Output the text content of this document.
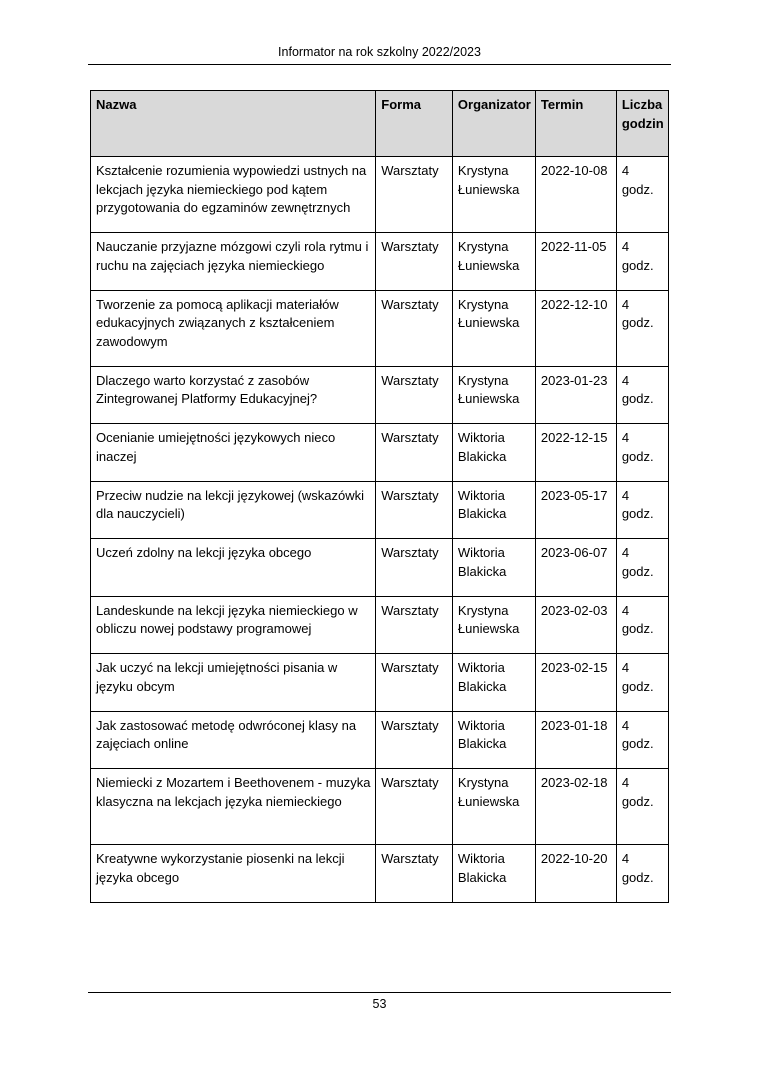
Informator na rok szkolny 2022/2023
Nazwa	Forma	Organizator	Termin	Liczba godzin
Kształcenie rozumienia wypowiedzi ustnych na lekcjach języka niemieckiego pod kątem przygotowania do egzaminów zewnętrznych	Warsztaty	Krystyna Łuniewska	2022-10-08	4 godz.
Nauczanie przyjazne mózgowi czyli rola rytmu i ruchu na zajęciach języka niemieckiego	Warsztaty	Krystyna Łuniewska	2022-11-05	4 godz.
Tworzenie za pomocą aplikacji materiałów edukacyjnych związanych z kształceniem zawodowym	Warsztaty	Krystyna Łuniewska	2022-12-10	4 godz.
Dlaczego warto korzystać z zasobów Zintegrowanej Platformy Edukacyjnej?	Warsztaty	Krystyna Łuniewska	2023-01-23	4 godz.
Ocenianie umiejętności językowych nieco inaczej	Warsztaty	Wiktoria Blakicka	2022-12-15	4 godz.
Przeciw nudzie na lekcji językowej (wskazówki dla nauczycieli)	Warsztaty	Wiktoria Blakicka	2023-05-17	4 godz.
Uczeń zdolny na lekcji języka obcego	Warsztaty	Wiktoria Blakicka	2023-06-07	4 godz.
Landeskunde na lekcji języka niemieckiego w obliczu nowej podstawy programowej	Warsztaty	Krystyna Łuniewska	2023-02-03	4 godz.
Jak uczyć na lekcji umiejętności pisania w języku obcym	Warsztaty	Wiktoria Blakicka	2023-02-15	4 godz.
Jak zastosować metodę odwróconej klasy na zajęciach online	Warsztaty	Wiktoria Blakicka	2023-01-18	4 godz.
Niemiecki z Mozartem i Beethovenem - muzyka klasyczna na lekcjach języka niemieckiego	Warsztaty	Krystyna Łuniewska	2023-02-18	4 godz.
Kreatywne wykorzystanie piosenki na lekcji języka obcego	Warsztaty	Wiktoria Blakicka	2022-10-20	4 godz.
53
